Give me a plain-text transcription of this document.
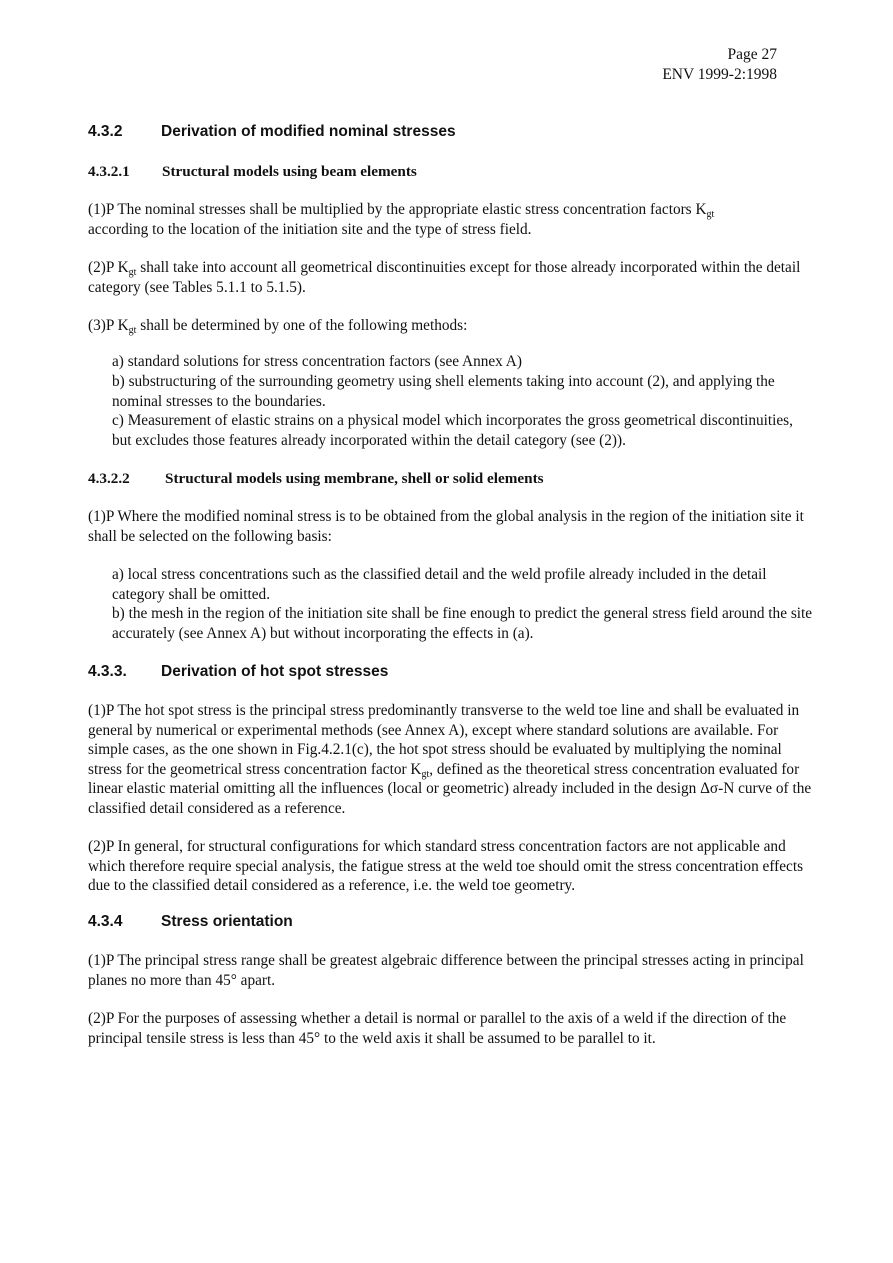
Page 27
ENV 1999-2:1998
4.3.2 Derivation of modified nominal stresses
4.3.2.1 Structural models using beam elements

(1)P The nominal stresses shall be multiplied by the appropriate elastic stress concentration factors $K_{gt}$
according to the location of the initiation site and the type of stress field.

(2)P $K_{gt}$ shall take into account all geometrical discontinuities except for those already incorporated within the detail category (see Tables 5.1.1 to 5.1.5).

(3)P $K_{gt}$ shall be determined by one of the following methods:

a) standard solutions for stress concentration factors (see Annex A)

b) substructuring of the surrounding geometry using shell elements taking into account (2), and applying the nominal stresses to the boundaries.

c) Measurement of elastic strains on a physical model which incorporates the gross geometrical discontinuities, but excludes those features already incorporated within the detail category (see (2)).

4.3.2.2 Structural models using membrane, shell or solid elements

(1)P Where the modified nominal stress is to be obtained from the global analysis in the region of the initiation site it shall be selected on the following basis:

a) local stress concentrations such as the classified detail and the weld profile already included in the detail category shall be omitted.

b) the mesh in the region of the initiation site shall be fine enough to predict the general stress field around the site accurately (see Annex A) but without incorporating the effects in (a).

4.3.3. Derivation of hot spot stresses

(1)P The hot spot stress is the principal stress predominantly transverse to the weld toe line and shall be evaluated in general by numerical or experimental methods (see Annex A), except where standard solutions are available. For simple cases, as the one shown in Fig.4.2.1(c), the hot spot stress should be evaluated by multiplying the nominal stress for the geometrical stress concentration factor $K_{gt}$, defined as the theoretical stress concentration evaluated for linear elastic material omitting all the influences (local or geometric) already included in the design Δσ-N curve of the classified detail considered as a reference.

(2)P In general, for structural configurations for which standard stress concentration factors are not applicable and which therefore require special analysis, the fatigue stress at the weld toe should omit the stress concentration effects due to the classified detail considered as a reference, i.e. the weld toe geometry.

4.3.4 Stress orientation

(1)P The principal stress range shall be greatest algebraic difference between the principal stresses acting in principal planes no more than 45° apart.

(2)P For the purposes of assessing whether a detail is normal or parallel to the axis of a weld if the direction of the principal tensile stress is less than 45° to the weld axis it shall be assumed to be parallel to it.
